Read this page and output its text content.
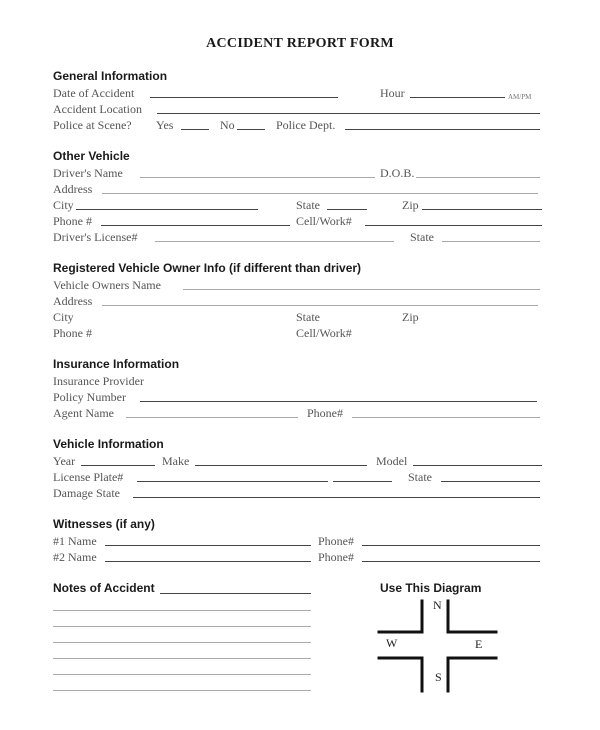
ACCIDENT REPORT FORM
General Information
Date of Accident	Hour	AM/PM
Accident Location
Police at Scene? Yes	No	Police Dept.
Other Vehicle
Driver's Name	D.O.B.
Address
City	State	Zip
Phone #	Cell/Work#
Driver's License#	State
Registered Vehicle Owner Info (if different than driver)
Vehicle Owners Name
Address
City	State	Zip
Phone #	Cell/Work#
Insurance Information
Insurance Provider
Policy Number
Agent Name	Phone#
Vehicle Information
Year	Make	Model
License Plate#	State
Damage State
Witnesses (if any)
#1 Name	Phone#
#2 Name	Phone#
Notes of Accident	Use This Diagram
N
S
E
W
